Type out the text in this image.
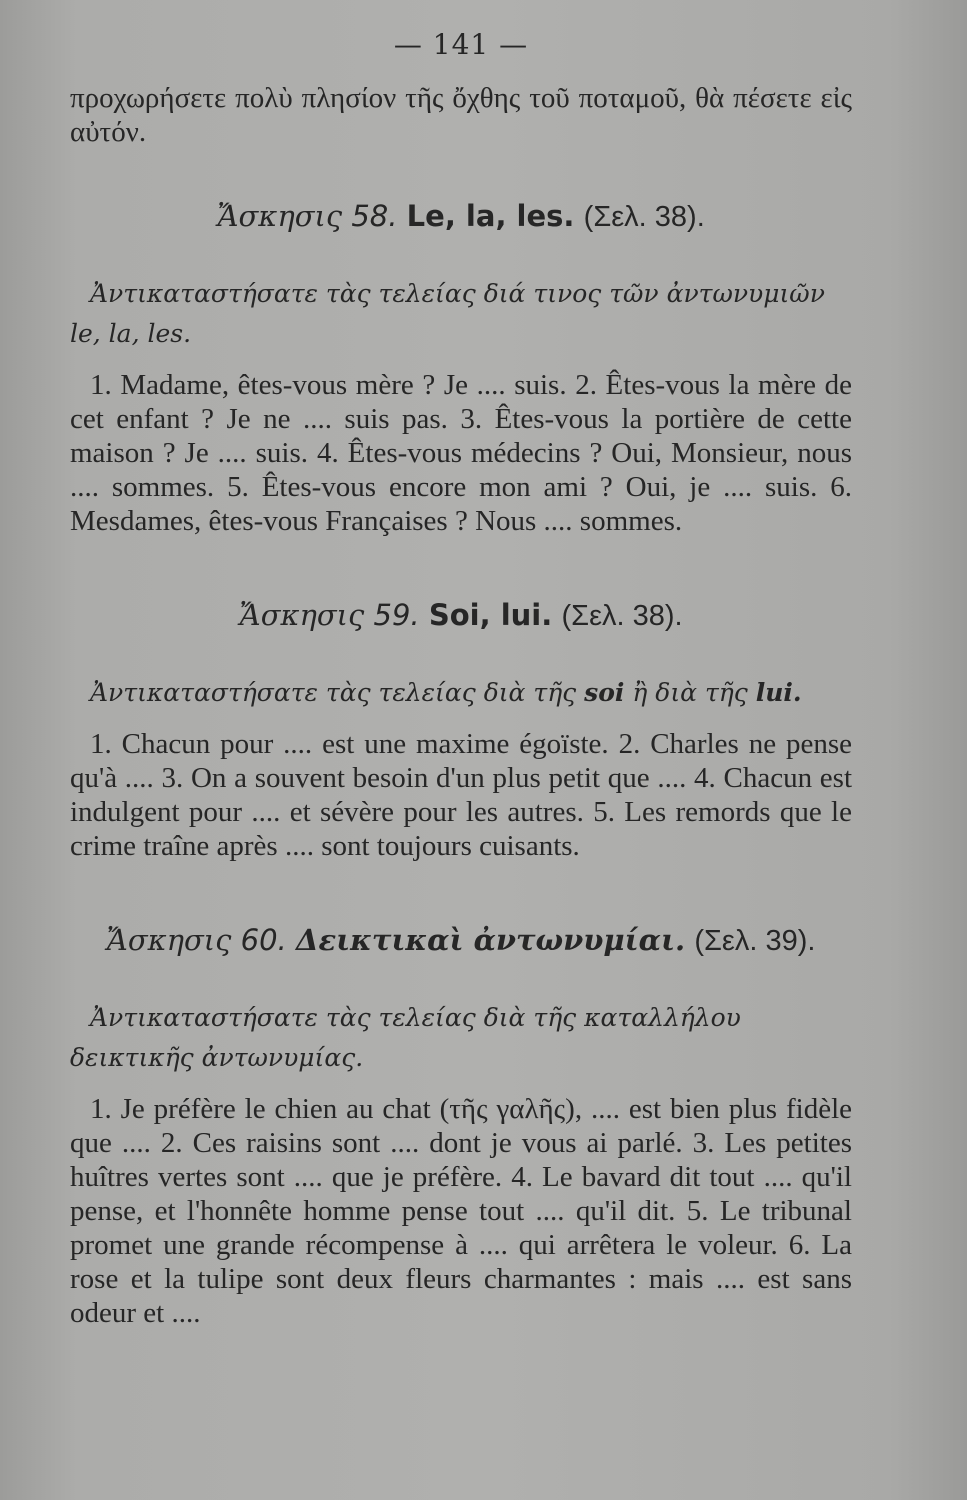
— 141 —

προχωρήσετε πολὺ πλησίον τῆς ὄχθης τοῦ ποταμοῦ, θὰ πέσετε εἰς αὐτόν.

Ἄσκησις 58. Le, la, les. (Σελ. 38).

Ἀντικαταστήσατε τὰς τελείας διά τινος τῶν ἀντωνυμιῶν le, la, les.

1. Madame, êtes-vous mère ? Je .... suis. 2. Êtes-vous la mère de cet enfant ? Je ne .... suis pas. 3. Êtes-vous la portière de cette maison ? Je .... suis. 4. Êtes-vous médecins ? Oui, Monsieur, nous .... sommes. 5. Êtes-vous encore mon ami ? Oui, je .... suis. 6. Mesdames, êtes-vous Françaises ? Nous .... sommes.

Ἄσκησις 59. Soi, lui. (Σελ. 38).

Ἀντικαταστήσατε τὰς τελείας διὰ τῆς soi ἢ διὰ τῆς lui.

1. Chacun pour .... est une maxime égoïste. 2. Charles ne pense qu'à .... 3. On a souvent besoin d'un plus petit que .... 4. Chacun est indulgent pour .... et sévère pour les autres. 5. Les remords que le crime traîne après .... sont toujours cuisants.

Ἄσκησις 60. Δεικτικαὶ ἀντωνυμίαι. (Σελ. 39).

Ἀντικαταστήσατε τὰς τελείας διὰ τῆς καταλλήλου δεικτικῆς ἀντωνυμίας.

1. Je préfère le chien au chat (τῆς γαλῆς), .... est bien plus fidèle que .... 2. Ces raisins sont .... dont je vous ai parlé. 3. Les petites huîtres vertes sont .... que je préfère. 4. Le bavard dit tout .... qu'il pense, et l'honnête homme pense tout .... qu'il dit. 5. Le tribunal promet une grande récompense à .... qui arrêtera le voleur. 6. La rose et la tulipe sont deux fleurs charmantes : mais .... est sans odeur et ....
